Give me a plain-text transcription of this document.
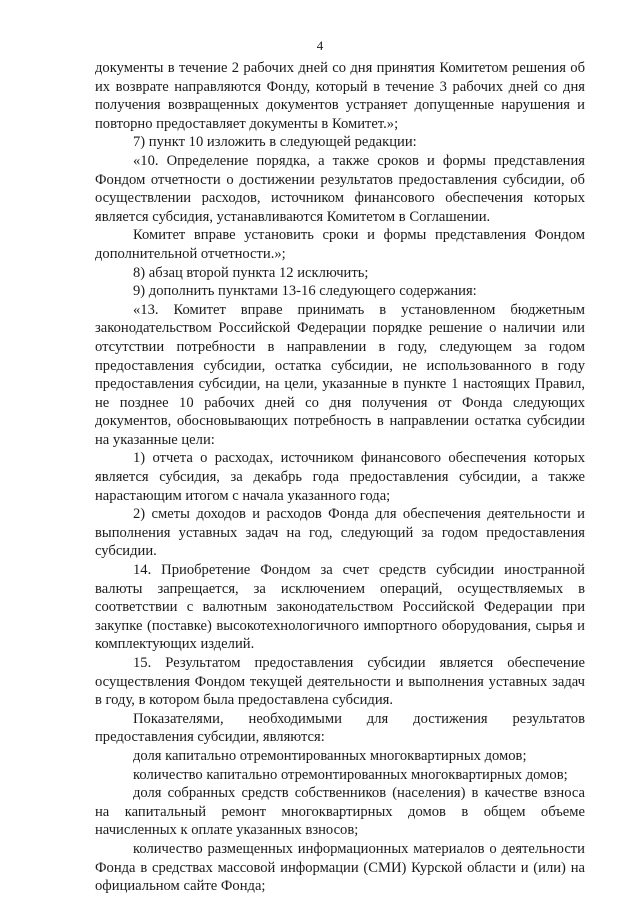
4

документы в течение 2 рабочих дней со дня принятия Комитетом решения об их возврате направляются Фонду, который в течение 3 рабочих дней со дня получения возвращенных документов устраняет допущенные нарушения и повторно предоставляет документы в Комитет.»;

7) пункт 10 изложить в следующей редакции:

«10. Определение порядка, а также сроков и формы представления Фондом отчетности о достижении результатов предоставления субсидии, об осуществлении расходов, источником финансового обеспечения которых является субсидия, устанавливаются Комитетом в Соглашении.

Комитет вправе установить сроки и формы представления Фондом дополнительной отчетности.»;

8) абзац второй пункта 12 исключить;

9) дополнить пунктами 13-16 следующего содержания:

«13. Комитет вправе принимать в установленном бюджетным законодательством Российской Федерации порядке решение о наличии или отсутствии потребности в направлении в году, следующем за годом предоставления субсидии, остатка субсидии, не использованного в году предоставления субсидии, на цели, указанные в пункте 1 настоящих Правил, не позднее 10 рабочих дней со дня получения от Фонда следующих документов, обосновывающих потребность в направлении остатка субсидии на указанные цели:

1) отчета о расходах, источником финансового обеспечения которых является субсидия, за декабрь года предоставления субсидии, а также нарастающим итогом с начала указанного года;

2) сметы доходов и расходов Фонда для обеспечения деятельности и выполнения уставных задач на год, следующий за годом предоставления субсидии.

14. Приобретение Фондом за счет средств субсидии иностранной валюты запрещается, за исключением операций, осуществляемых в соответствии с валютным законодательством Российской Федерации при закупке (поставке) высокотехнологичного импортного оборудования, сырья и комплектующих изделий.

15. Результатом предоставления субсидии является обеспечение осуществления Фондом текущей деятельности и выполнения уставных задач в году, в котором была предоставлена субсидия.

Показателями, необходимыми для достижения результатов предоставления субсидии, являются:

доля капитально отремонтированных многоквартирных домов;

количество капитально отремонтированных многоквартирных домов;

доля собранных средств собственников (населения) в качестве взноса на капитальный ремонт многоквартирных домов в общем объеме начисленных к оплате указанных взносов;

количество размещенных информационных материалов о деятельности Фонда в средствах массовой информации (СМИ) Курской области и (или) на официальном сайте Фонда;
